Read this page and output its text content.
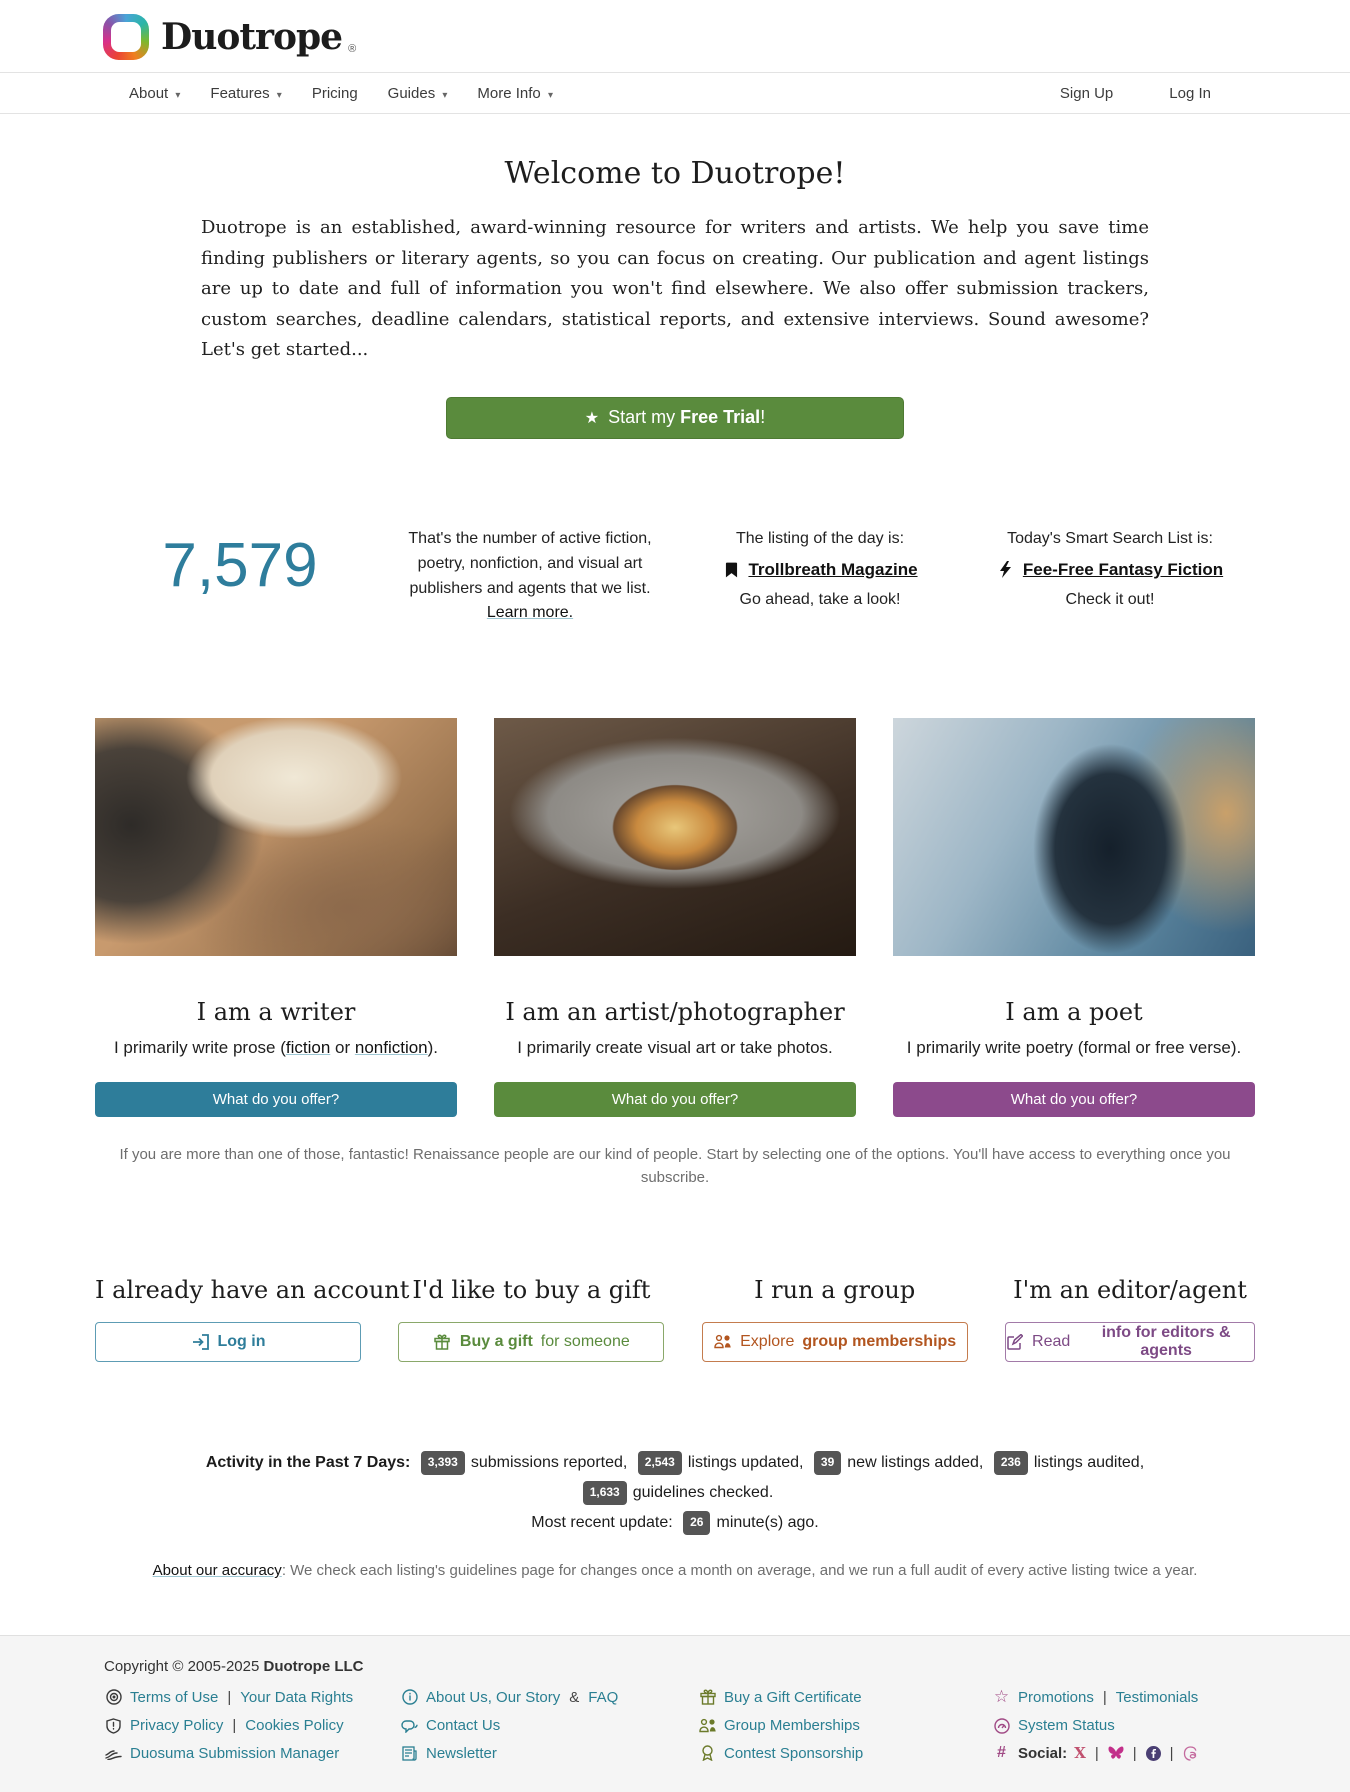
Duotrope ®
About ▾ Features ▾ Pricing Guides ▾ More Info ▾	Sign Up	Log In
Welcome to Duotrope!

Duotrope is an established, award-winning resource for writers and artists. We help you save time finding publishers or literary agents, so you can focus on creating. Our publication and agent listings are up to date and full of information you won't find elsewhere. We also offer submission trackers, custom searches, deadline calendars, statistical reports, and extensive interviews. Sound awesome? Let's get started...

★ Start my Free Trial!
7,579	That's the number of active fiction, poetry, nonfiction, and visual art publishers and agents that we list. Learn more.
The listing of the day is:
Trollbreath Magazine
Go ahead, take a look!
Today's Smart Search List is:
Fee-Free Fantasy Fiction
Check it out!
I am a writer
I primarily write prose (fiction or nonfiction).
What do you offer?
I am an artist/photographer
I primarily create visual art or take photos.
What do you offer?
I am a poet
I primarily write poetry (formal or free verse).
What do you offer?

If you are more than one of those, fantastic! Renaissance people are our kind of people. Start by selecting one of the options. You'll have access to everything once you subscribe.

I already have an account
Log in
I'd like to buy a gift
Buy a gift for someone
I run a group
Explore group memberships
I'm an editor/agent
Read
info for editors & agents
Activity in the Past 7 Days: 3,393 submissions reported, 2,543 listings updated, 39 new listings added, 236 listings audited,
1,633 guidelines checked.
Most recent update: 26 minute(s) ago.

About our accuracy: We check each listing's guidelines page for changes once a month on average, and we run a full audit of every active listing twice a year.

Copyright © 2005-2025 Duotrope LLC
Terms of Use | Your Data Rights	About Us, Our Story & FAQ	Buy a Gift Certificate	☆ Promotions | Testimonials
Privacy Policy | Cookies Policy	Contact Us	Group Memberships	System Status
Duosuma Submission Manager	Newsletter	Contest Sponsorship	# Social: X | | |
